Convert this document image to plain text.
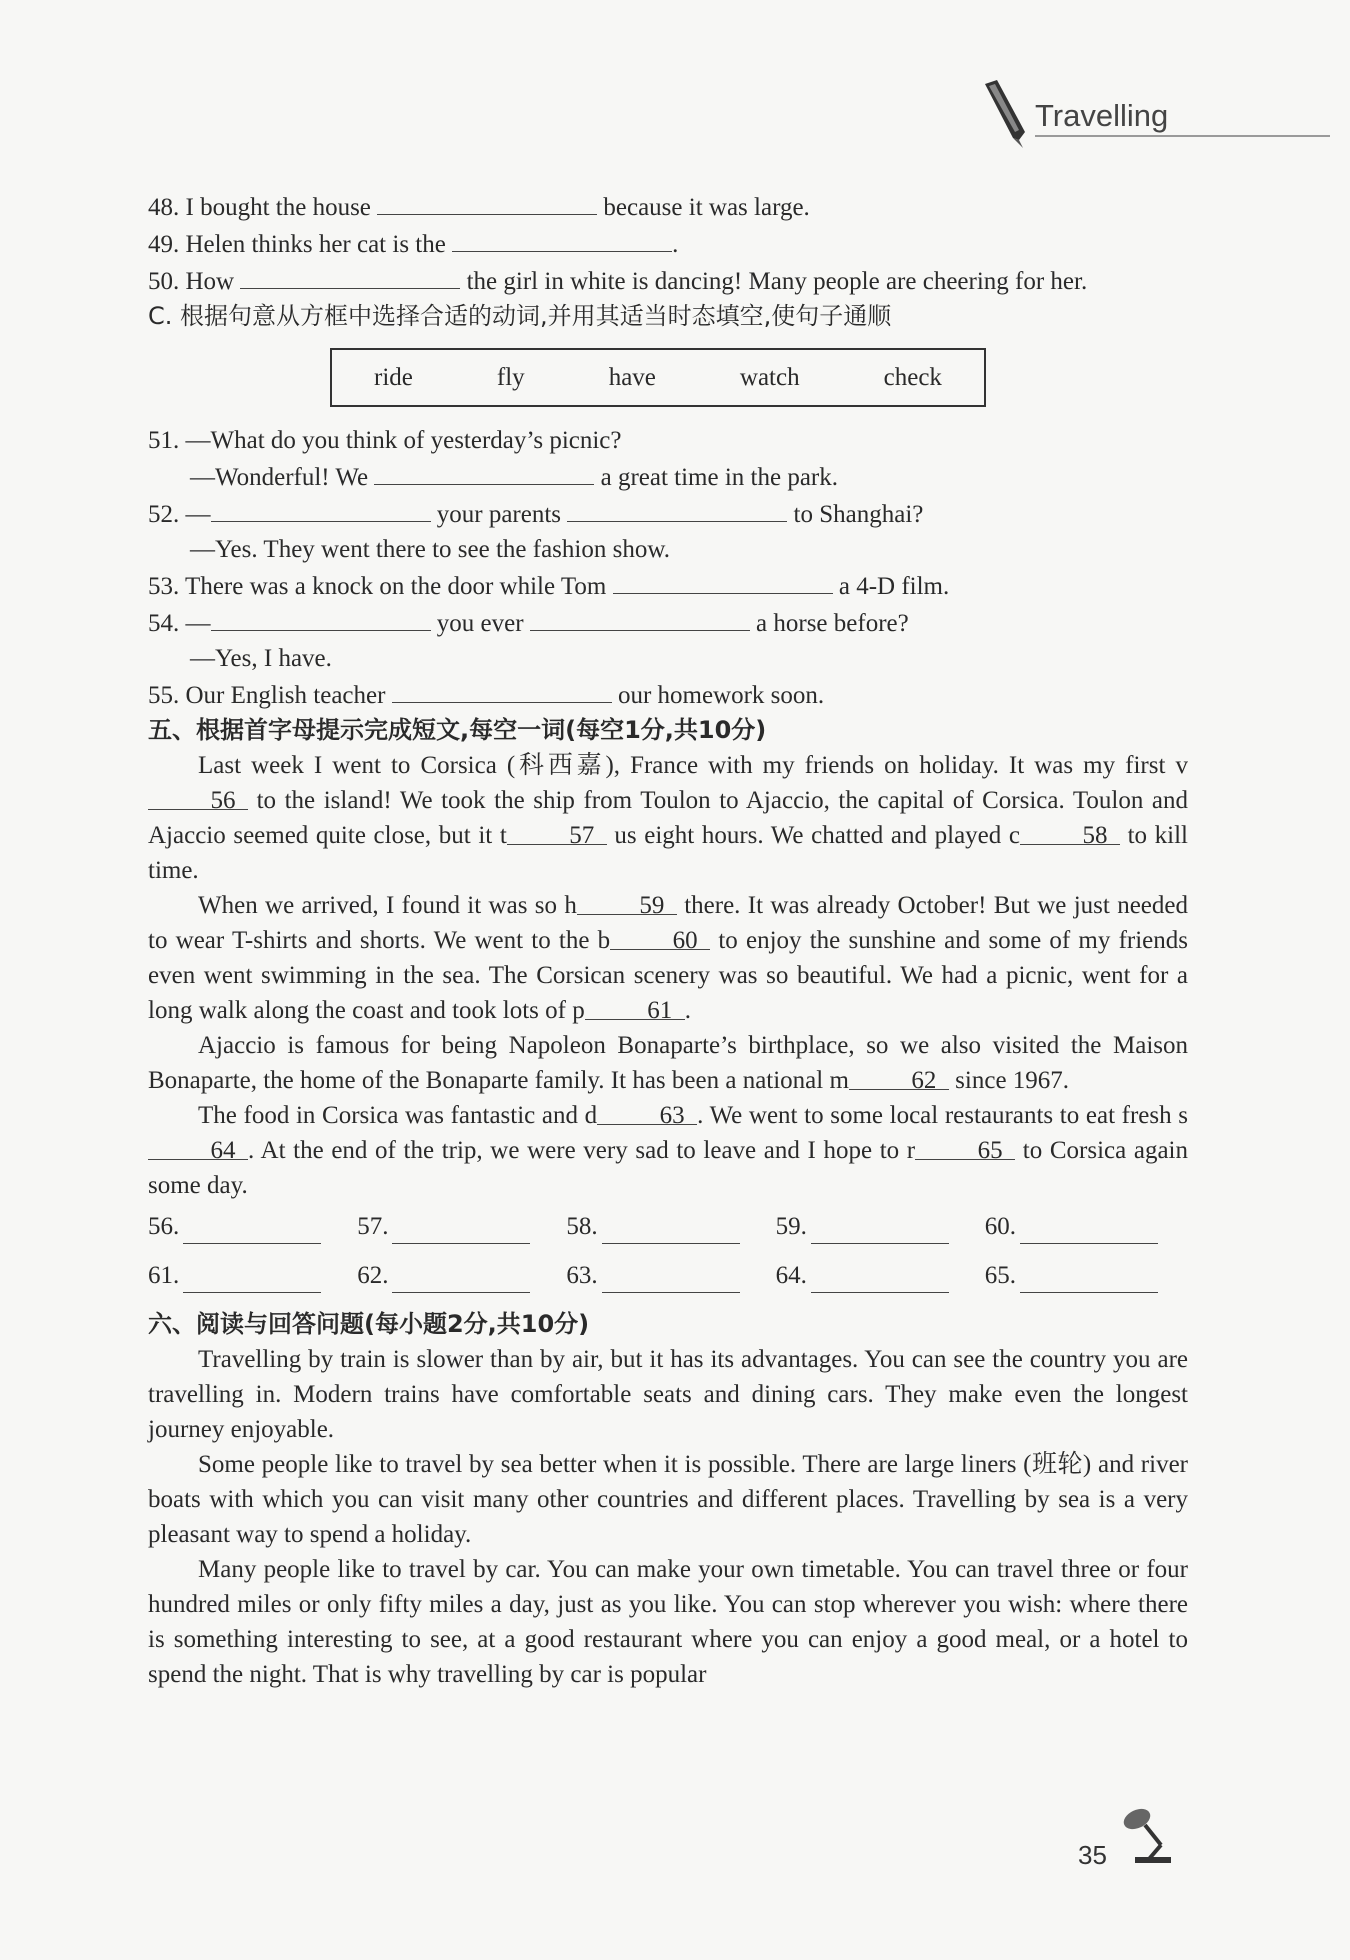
Travelling
48. I bought the house	because it was large.
49. Helen thinks her cat is the	.
50. How	the girl in white is dancing! Many people are cheering for her.
C. 根据句意从方框中选择合适的动词,并用其适当时态填空,使句子通顺
ride	fly	have	watch	check
51. —What do you think of yesterday’s picnic?
—Wonderful! We	a great time in the park.
52. —	your parents	to Shanghai?
—Yes. They went there to see the fashion show.
53. There was a knock on the door while Tom	a 4-D film.
54. —	you ever	a horse before?
—Yes, I have.
55. Our English teacher	our homework soon.
五、根据首字母提示完成短文,每空一词(每空1分,共10分)
Last week I went to Corsica (科西嘉), France with my friends on holiday. It was my first v56 to the island! We took the ship from Toulon to Ajaccio, the capital of Corsica. Toulon and Ajaccio seemed quite close, but it t	57 us eight hours. We chatted and played c	58 to kill time.
When we arrived, I found it was so h	59 there. It was already October! But we just needed to wear T-shirts and shorts. We went to the b	60 to enjoy the sunshine and some of my friends even went swimming in the sea. The Corsican scenery was so beautiful. We had a picnic, went for a long walk along the coast and took lots of p	61 .
Ajaccio is famous for being Napoleon Bonaparte’s birthplace, so we also visited the Maison Bonaparte, the home of the Bonaparte family. It has been a national m	62 since 1967.
The food in Corsica was fantastic and d	63 . We went to some local restaurants to eat fresh s64 . At the end of the trip, we were very sad to leave and I hope to r	65 to Corsica again some day.
56.	57.	58.	59.	60.
61.	62.	63.	64.	65.
六、阅读与回答问题(每小题2分,共10分)
Travelling by train is slower than by air, but it has its advantages. You can see the country you are travelling in. Modern trains have comfortable seats and dining cars. They make even the longest journey enjoyable.
Some people like to travel by sea better when it is possible. There are large liners (班轮) and river boats with which you can visit many other countries and different places. Travelling by sea is a very pleasant way to spend a holiday.
Many people like to travel by car. You can make your own timetable. You can travel three or four hundred miles or only fifty miles a day, just as you like. You can stop wherever you wish: where there is something interesting to see, at a good restaurant where you can enjoy a good meal, or a hotel to spend the night. That is why travelling by car is popular
35
